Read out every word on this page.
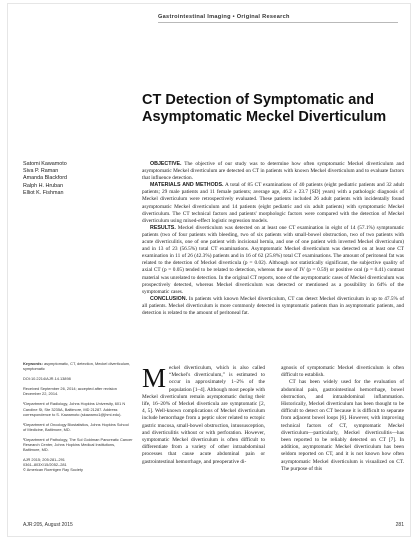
Gastrointestinal Imaging • Original Research
CT Detection of Symptomatic and Asymptomatic Meckel Diverticulum
Satomi Kawamoto
Siva P. Raman
Amanda Blackford
Ralph H. Hruban
Elliot K. Fishman

OBJECTIVE. The objective of our study was to determine how often symptomatic Meckel diverticulum and asymptomatic Meckel diverticulum are detected on CT in patients with known Meckel diverticulum and to evaluate factors that influence detection.

MATERIALS AND METHODS. A total of 85 CT examinations of 40 patients (eight pediatric patients and 32 adult patients; 29 male patients and 11 female patients; average age, 46.2 ± 23.7 [SD] years) with a pathologic diagnosis of Meckel diverticulum were retrospectively evaluated. These patients included 26 adult patients with incidentally found asymptomatic Meckel diverticulum and 14 patients (eight pediatric and six adult patients) with symptomatic Meckel diverticulum. The CT technical factors and patients' morphologic factors were compared with the detection of Meckel diverticulum using mixed-effect logistic regression models.

RESULTS. Meckel diverticulum was detected on at least one CT examination in eight of 14 (57.1%) symptomatic patients (two of four patients with bleeding, two of six patients with small-bowel obstruction, two of two patients with acute diverticulitis, one of one patient with incisional hernia, and one of one patient with inverted Meckel diverticulum) and in 13 of 23 (56.5%) total CT examinations. Asymptomatic Meckel diverticulum was detected on at least one CT examination in 11 of 26 (42.3%) patients and in 16 of 62 (25.8%) total CT examinations. The amount of peritoneal fat was related to the detection of Meckel diverticula (p = 0.02). Although not statistically significant, the subjective quality of axial CT (p = 0.05) tended to be related to detection, whereas the use of IV (p = 0.59) or positive oral (p = 0.41) contrast material was unrelated to detection. In the original CT reports, none of the asymptomatic cases of Meckel diverticulum was prospectively detected, whereas Meckel diverticulum was detected or mentioned as a possibility in 64% of the symptomatic cases.

CONCLUSION. In patients with known Meckel diverticulum, CT can detect Meckel diverticulum in up to 47.5% of all patients. Meckel diverticulum is more commonly detected in symptomatic patients than in asymptomatic patients, and detection is related to the amount of peritoneal fat.

Keywords: asymptomatic, CT, detection, Meckel diverticulum, symptomatic
DOI:10.2214/AJR.14.13898
Received September 26, 2014; accepted after revision December 22, 2014.
¹Department of Radiology, Johns Hopkins University, 601 N Caroline St, Ste 3235A, Baltimore, MD 21287. Address correspondence to S. Kawamoto (skawamo1@jhmi.edu).
²Department of Oncology Biostatistics, Johns Hopkins School of Medicine, Baltimore, MD.
³Department of Pathology, The Sol Goldman Pancreatic Cancer Research Center, Johns Hopkins Medical Institutions, Baltimore, MD.
AJR 2015; 205:281–291
0361–803X/15/2052–281
© American Roentgen Ray Society

M eckel diverticulum, which is also called “Meckel's diverticulum,” is estimated to occur in approximately 1–2% of the population [1–4]. Although most people with Meckel diverticulum remain asymptomatic during their life, 16–20% of Meckel diverticula are symptomatic [2, 4, 5]. Well-known complications of Meckel diverticulum include hemorrhage from a peptic ulcer related to ectopic gastric mucosa, small-bowel obstruction, intussusception, and diverticulitis without or with perforation. However, symptomatic Meckel diverticulum is often difficult to differentiate from a variety of other intraabdominal processes that cause acute abdominal pain or gastrointestinal hemorrhage, and preoperative di-

agnosis of symptomatic Meckel diverticulum is often difficult to establish.

CT has been widely used for the evaluation of abdominal pain, gastrointestinal hemorrhage, bowel obstruction, and intraabdominal inflammation. Historically, Meckel diverticulum has been thought to be difficult to detect on CT because it is difficult to separate from adjacent bowel loops [6]. However, with improving technical factors of CT, symptomatic Meckel diverticulum—particularly, Meckel diverticulitis—has been reported to be reliably detected on CT [7]. In addition, asymptomatic Meckel diverticulum has been seldom reported on CT, and it is not known how often asymptomatic Meckel diverticulum is visualized on CT. The purpose of this

AJR:205, August 2015	281
